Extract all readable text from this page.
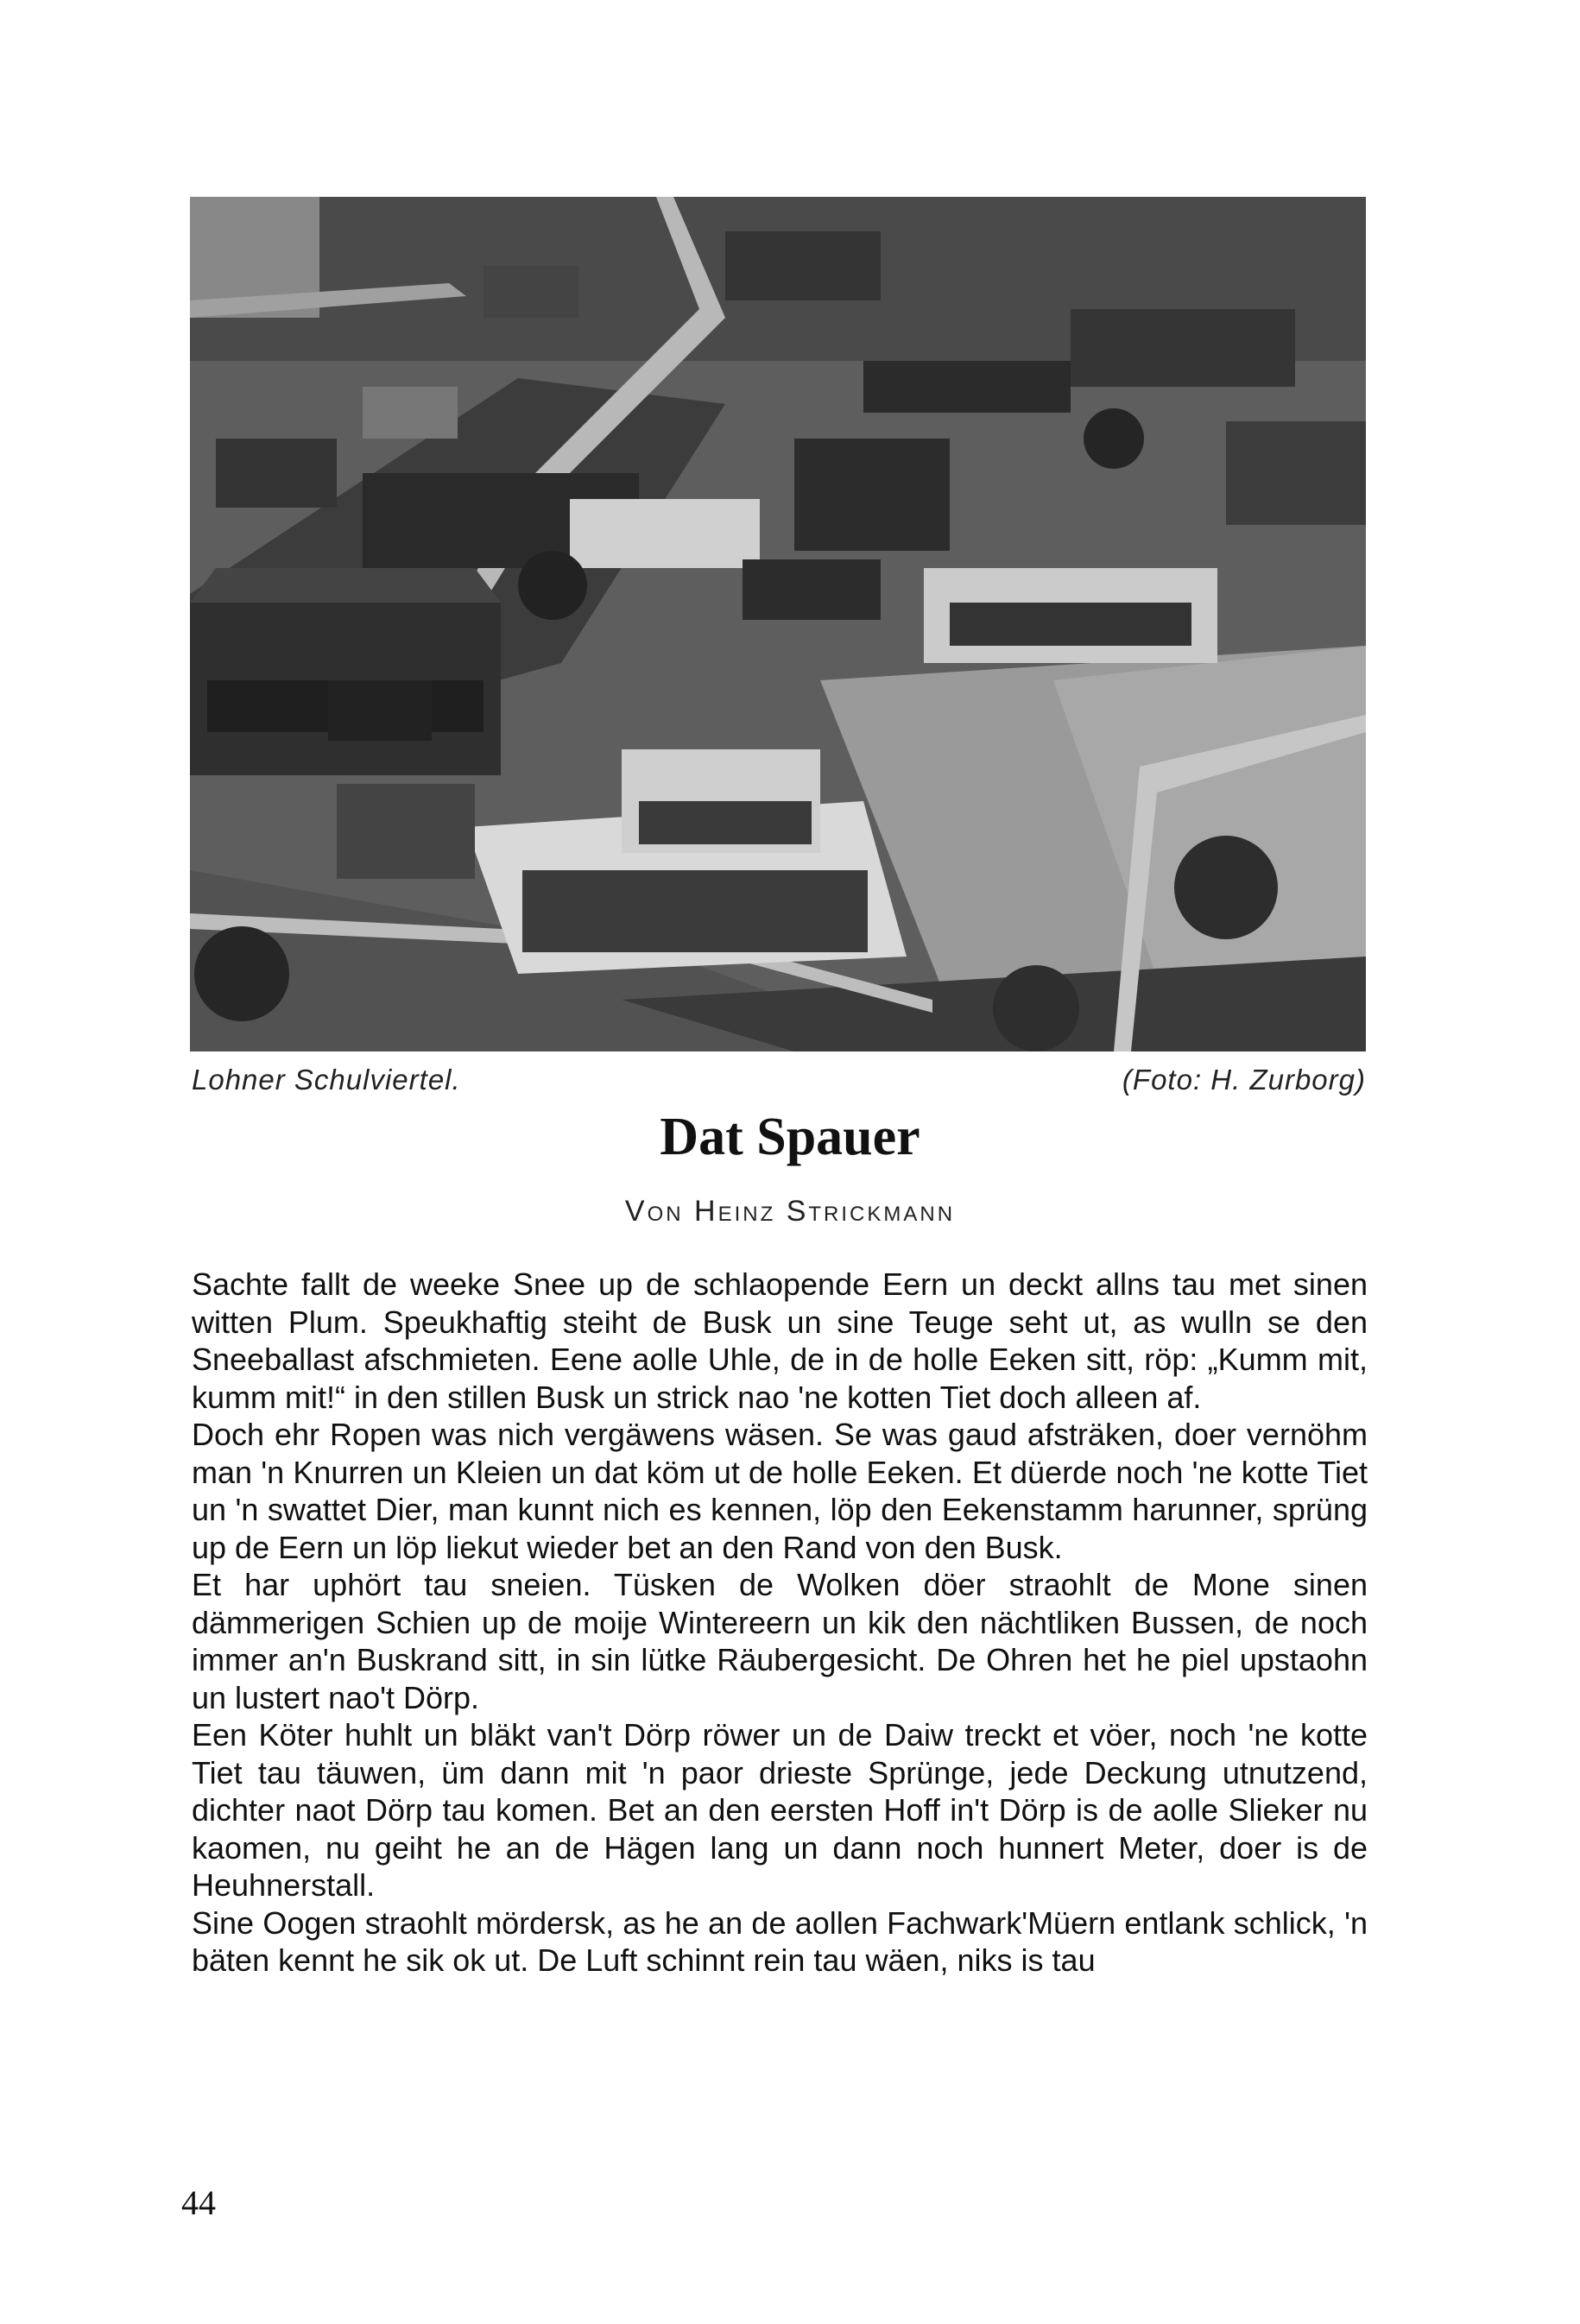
Lohner Schulviertel.	(Foto: H. Zurborg)
Dat Spauer
Von Heinz Strickmann

Sachte fallt de weeke Snee up de schlaopende Eern un deckt allns tau met sinen witten Plum. Speukhaftig steiht de Busk un sine Teuge seht ut, as wulln se den Sneeballast afschmieten. Eene aolle Uhle, de in de holle Eeken sitt, röp: „Kumm mit, kumm mit!“ in den stillen Busk un strick nao 'ne kotten Tiet doch alleen af.

Doch ehr Ropen was nich vergäwens wäsen. Se was gaud afsträken, doer vernöhm man 'n Knurren un Kleien un dat köm ut de holle Eeken. Et düerde noch 'ne kotte Tiet un 'n swattet Dier, man kunnt nich es kennen, löp den Eekenstamm harunner, sprüng up de Eern un löp liekut wieder bet an den Rand von den Busk.

Et har uphört tau sneien. Tüsken de Wolken döer straohlt de Mone sinen dämmerigen Schien up de moije Wintereern un kik den nächtliken Bussen, de noch immer an'n Buskrand sitt, in sin lütke Räubergesicht. De Ohren het he piel upstaohn un lustert nao't Dörp.

Een Köter huhlt un bläkt van't Dörp röwer un de Daiw treckt et vöer, noch 'ne kotte Tiet tau täuwen, üm dann mit 'n paor drieste Sprünge, jede Deckung utnutzend, dichter naot Dörp tau komen. Bet an den eersten Hoff in't Dörp is de aolle Slieker nu kaomen, nu geiht he an de Hägen lang un dann noch hunnert Meter, doer is de Heuhnerstall.

Sine Oogen straohlt mördersk, as he an de aollen Fachwark'Müern entlank schlick, 'n bäten kennt he sik ok ut. De Luft schinnt rein tau wäen, niks is tau

44
